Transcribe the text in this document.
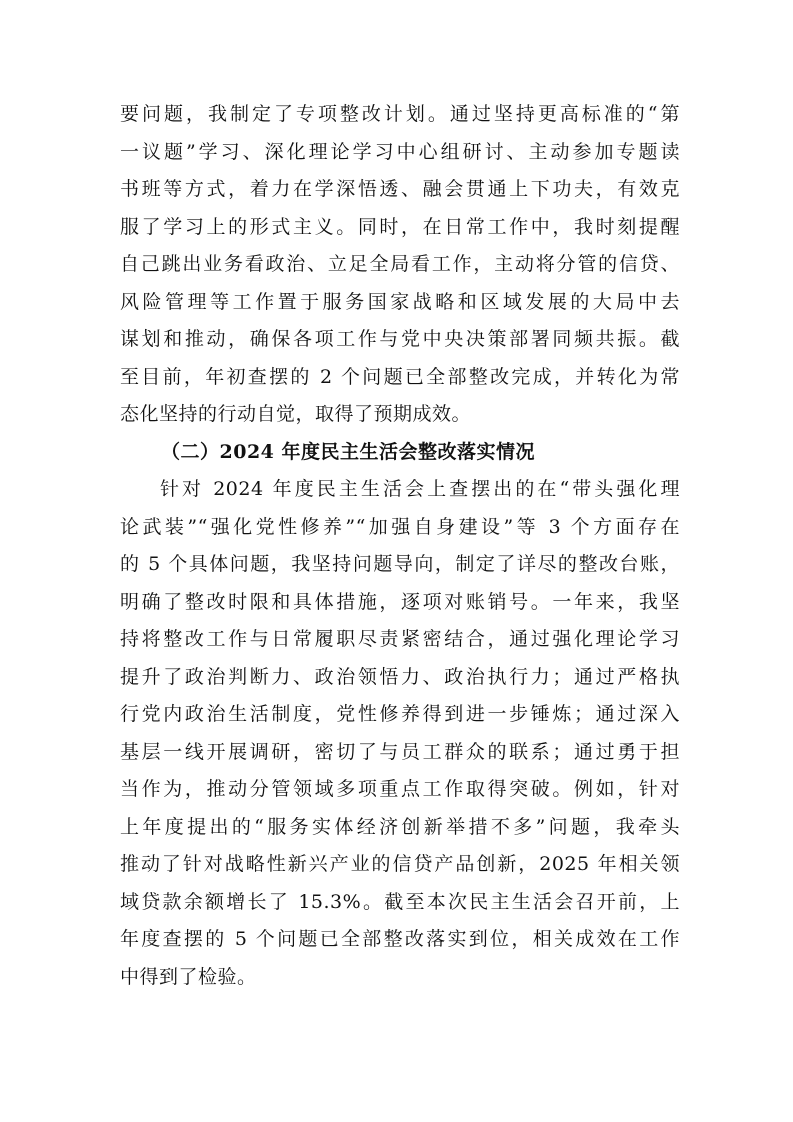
要问题，我制定了专项整改计划。通过坚持更高标准的“第
一议题”学习、深化理论学习中心组研讨、主动参加专题读
书班等方式，着力在学深悟透、融会贯通上下功夫，有效克
服了学习上的形式主义。同时，在日常工作中，我时刻提醒
自己跳出业务看政治、立足全局看工作，主动将分管的信贷、
风险管理等工作置于服务国家战略和区域发展的大局中去
谋划和推动，确保各项工作与党中央决策部署同频共振。截
至目前，年初查摆的 2 个问题已全部整改完成，并转化为常
态化坚持的行动自觉，取得了预期成效。
（二）2024 年度民主生活会整改落实情况
针对 2024 年度民主生活会上查摆出的在“带头强化理
论武装”“强化党性修养”“加强自身建设”等 3 个方面存在
的 5 个具体问题，我坚持问题导向，制定了详尽的整改台账，
明确了整改时限和具体措施，逐项对账销号。一年来，我坚
持将整改工作与日常履职尽责紧密结合，通过强化理论学习
提升了政治判断力、政治领悟力、政治执行力；通过严格执
行党内政治生活制度，党性修养得到进一步锤炼；通过深入
基层一线开展调研，密切了与员工群众的联系；通过勇于担
当作为，推动分管领域多项重点工作取得突破。例如，针对
上年度提出的“服务实体经济创新举措不多”问题，我牵头
推动了针对战略性新兴产业的信贷产品创新，2025 年相关领
域贷款余额增长了 15.3%。截至本次民主生活会召开前，上
年度查摆的 5 个问题已全部整改落实到位，相关成效在工作
中得到了检验。
